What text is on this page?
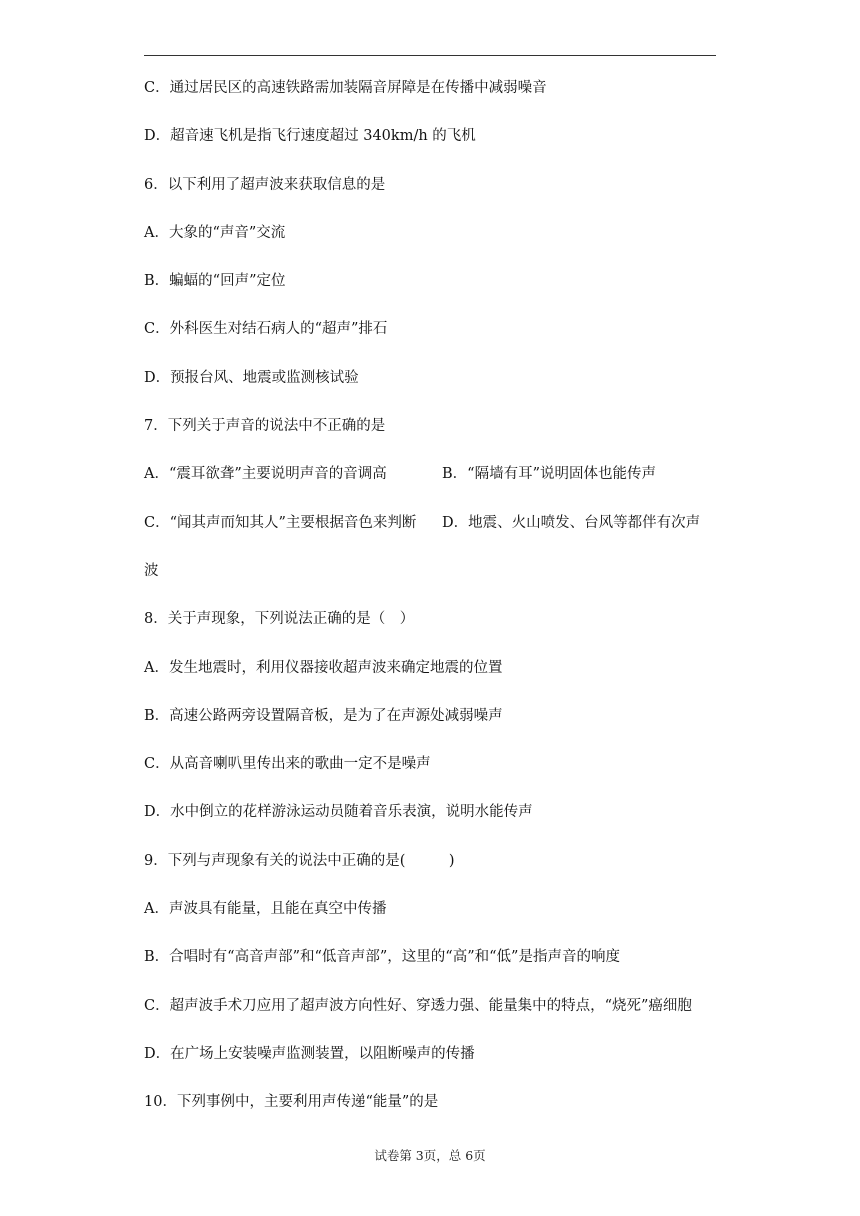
C．通过居民区的高速铁路需加装隔音屏障是在传播中减弱噪音
D．超音速飞机是指飞行速度超过 340km/h 的飞机
6．以下利用了超声波来获取信息的是
A．大象的“声音”交流
B．蝙蝠的“回声”定位
C．外科医生对结石病人的“超声”排石
D．预报台风、地震或监测核试验
7．下列关于声音的说法中不正确的是
A．“震耳欲聋”主要说明声音的音调高	B．“隔墙有耳”说明固体也能传声
C．“闻其声而知其人”主要根据音色来判断	D．地震、火山喷发、台风等都伴有次声
波
8．关于声现象，下列说法正确的是（　）
A．发生地震时，利用仪器接收超声波来确定地震的位置
B．高速公路两旁设置隔音板，是为了在声源处减弱噪声
C．从高音喇叭里传出来的歌曲一定不是噪声
D．水中倒立的花样游泳运动员随着音乐表演，说明水能传声
9．下列与声现象有关的说法中正确的是(　　　)
A．声波具有能量，且能在真空中传播
B．合唱时有“高音声部”和“低音声部”，这里的“高”和“低”是指声音的响度
C．超声波手术刀应用了超声波方向性好、穿透力强、能量集中的特点，“烧死”癌细胞
D．在广场上安装噪声监测装置，以阻断噪声的传播
10．下列事例中，主要利用声传递“能量”的是
试卷第 3页，总 6页
